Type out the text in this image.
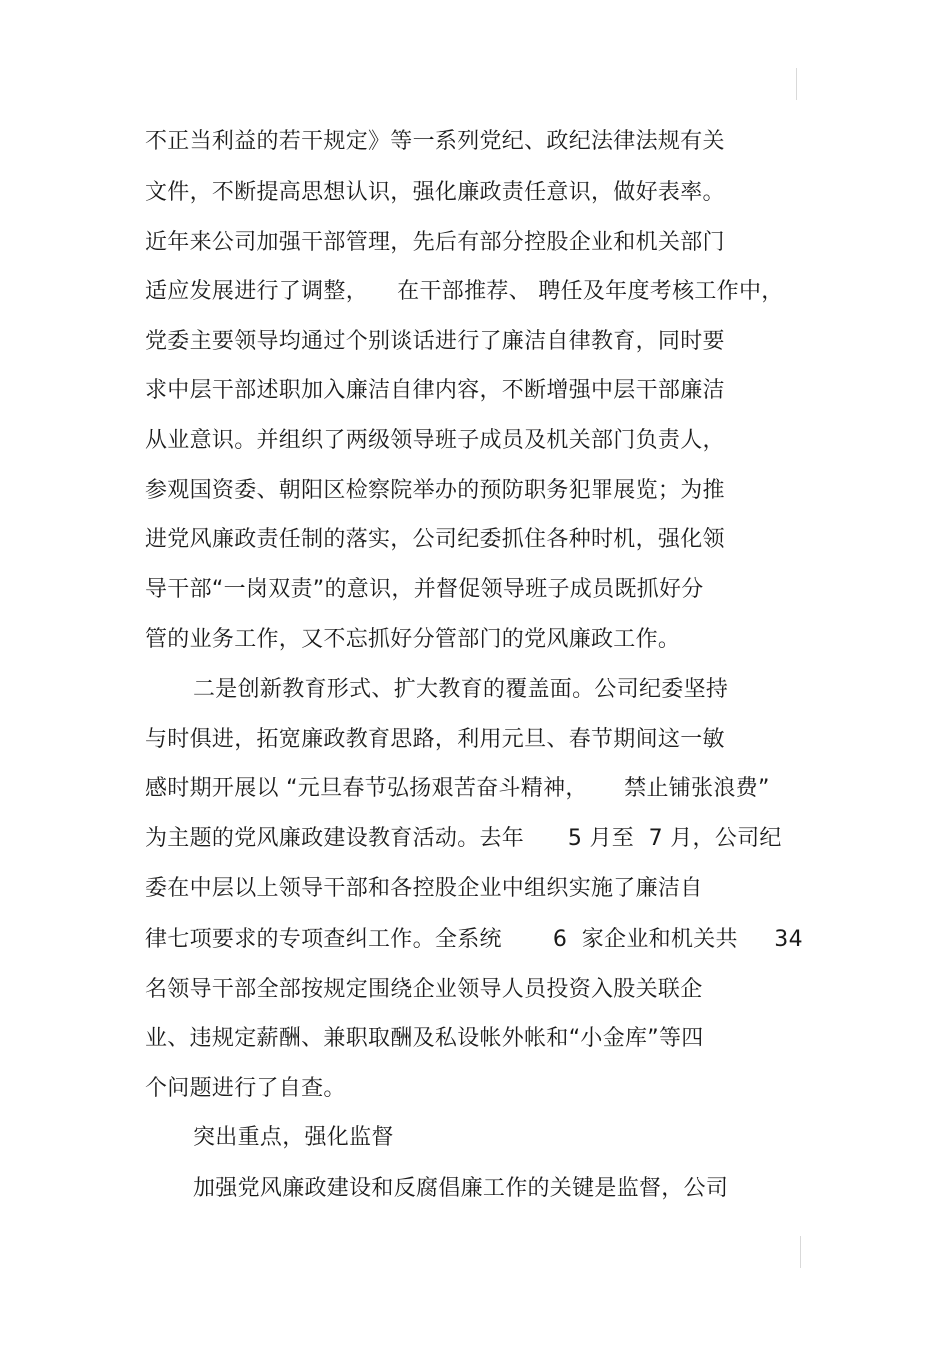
不正当利益的若干规定》等一系列党纪、政纪法律法规有关
文件，不断提高思想认识，强化廉政责任意识，做好表率。
近年来公司加强干部管理，先后有部分控股企业和机关部门
适应发展进行了调整，    在干部推荐、 聘任及年度考核工作中，
党委主要领导均通过个别谈话进行了廉洁自律教育，同时要
求中层干部述职加入廉洁自律内容，不断增强中层干部廉洁
从业意识。并组织了两级领导班子成员及机关部门负责人，
参观国资委、朝阳区检察院举办的预防职务犯罪展览；为推
进党风廉政责任制的落实，公司纪委抓住各种时机，强化领
导干部“一岗双责”的意识，并督促领导班子成员既抓好分
管的业务工作，又不忘抓好分管部门的党风廉政工作。
二是创新教育形式、扩大教育的覆盖面。公司纪委坚持
与时俱进，拓宽廉政教育思路，利用元旦、春节期间这一敏
感时期开展以 “元旦春节弘扬艰苦奋斗精神，     禁止铺张浪费”
为主题的党风廉政建设教育活动。去年      5 月至  7 月，公司纪
委在中层以上领导干部和各控股企业中组织实施了廉洁自
律七项要求的专项查纠工作。全系统       6  家企业和机关共     34
名领导干部全部按规定围绕企业领导人员投资入股关联企
业、违规定薪酬、兼职取酬及私设帐外帐和“小金库”等四
个问题进行了自查。
突出重点，强化监督
加强党风廉政建设和反腐倡廉工作的关键是监督，公司
